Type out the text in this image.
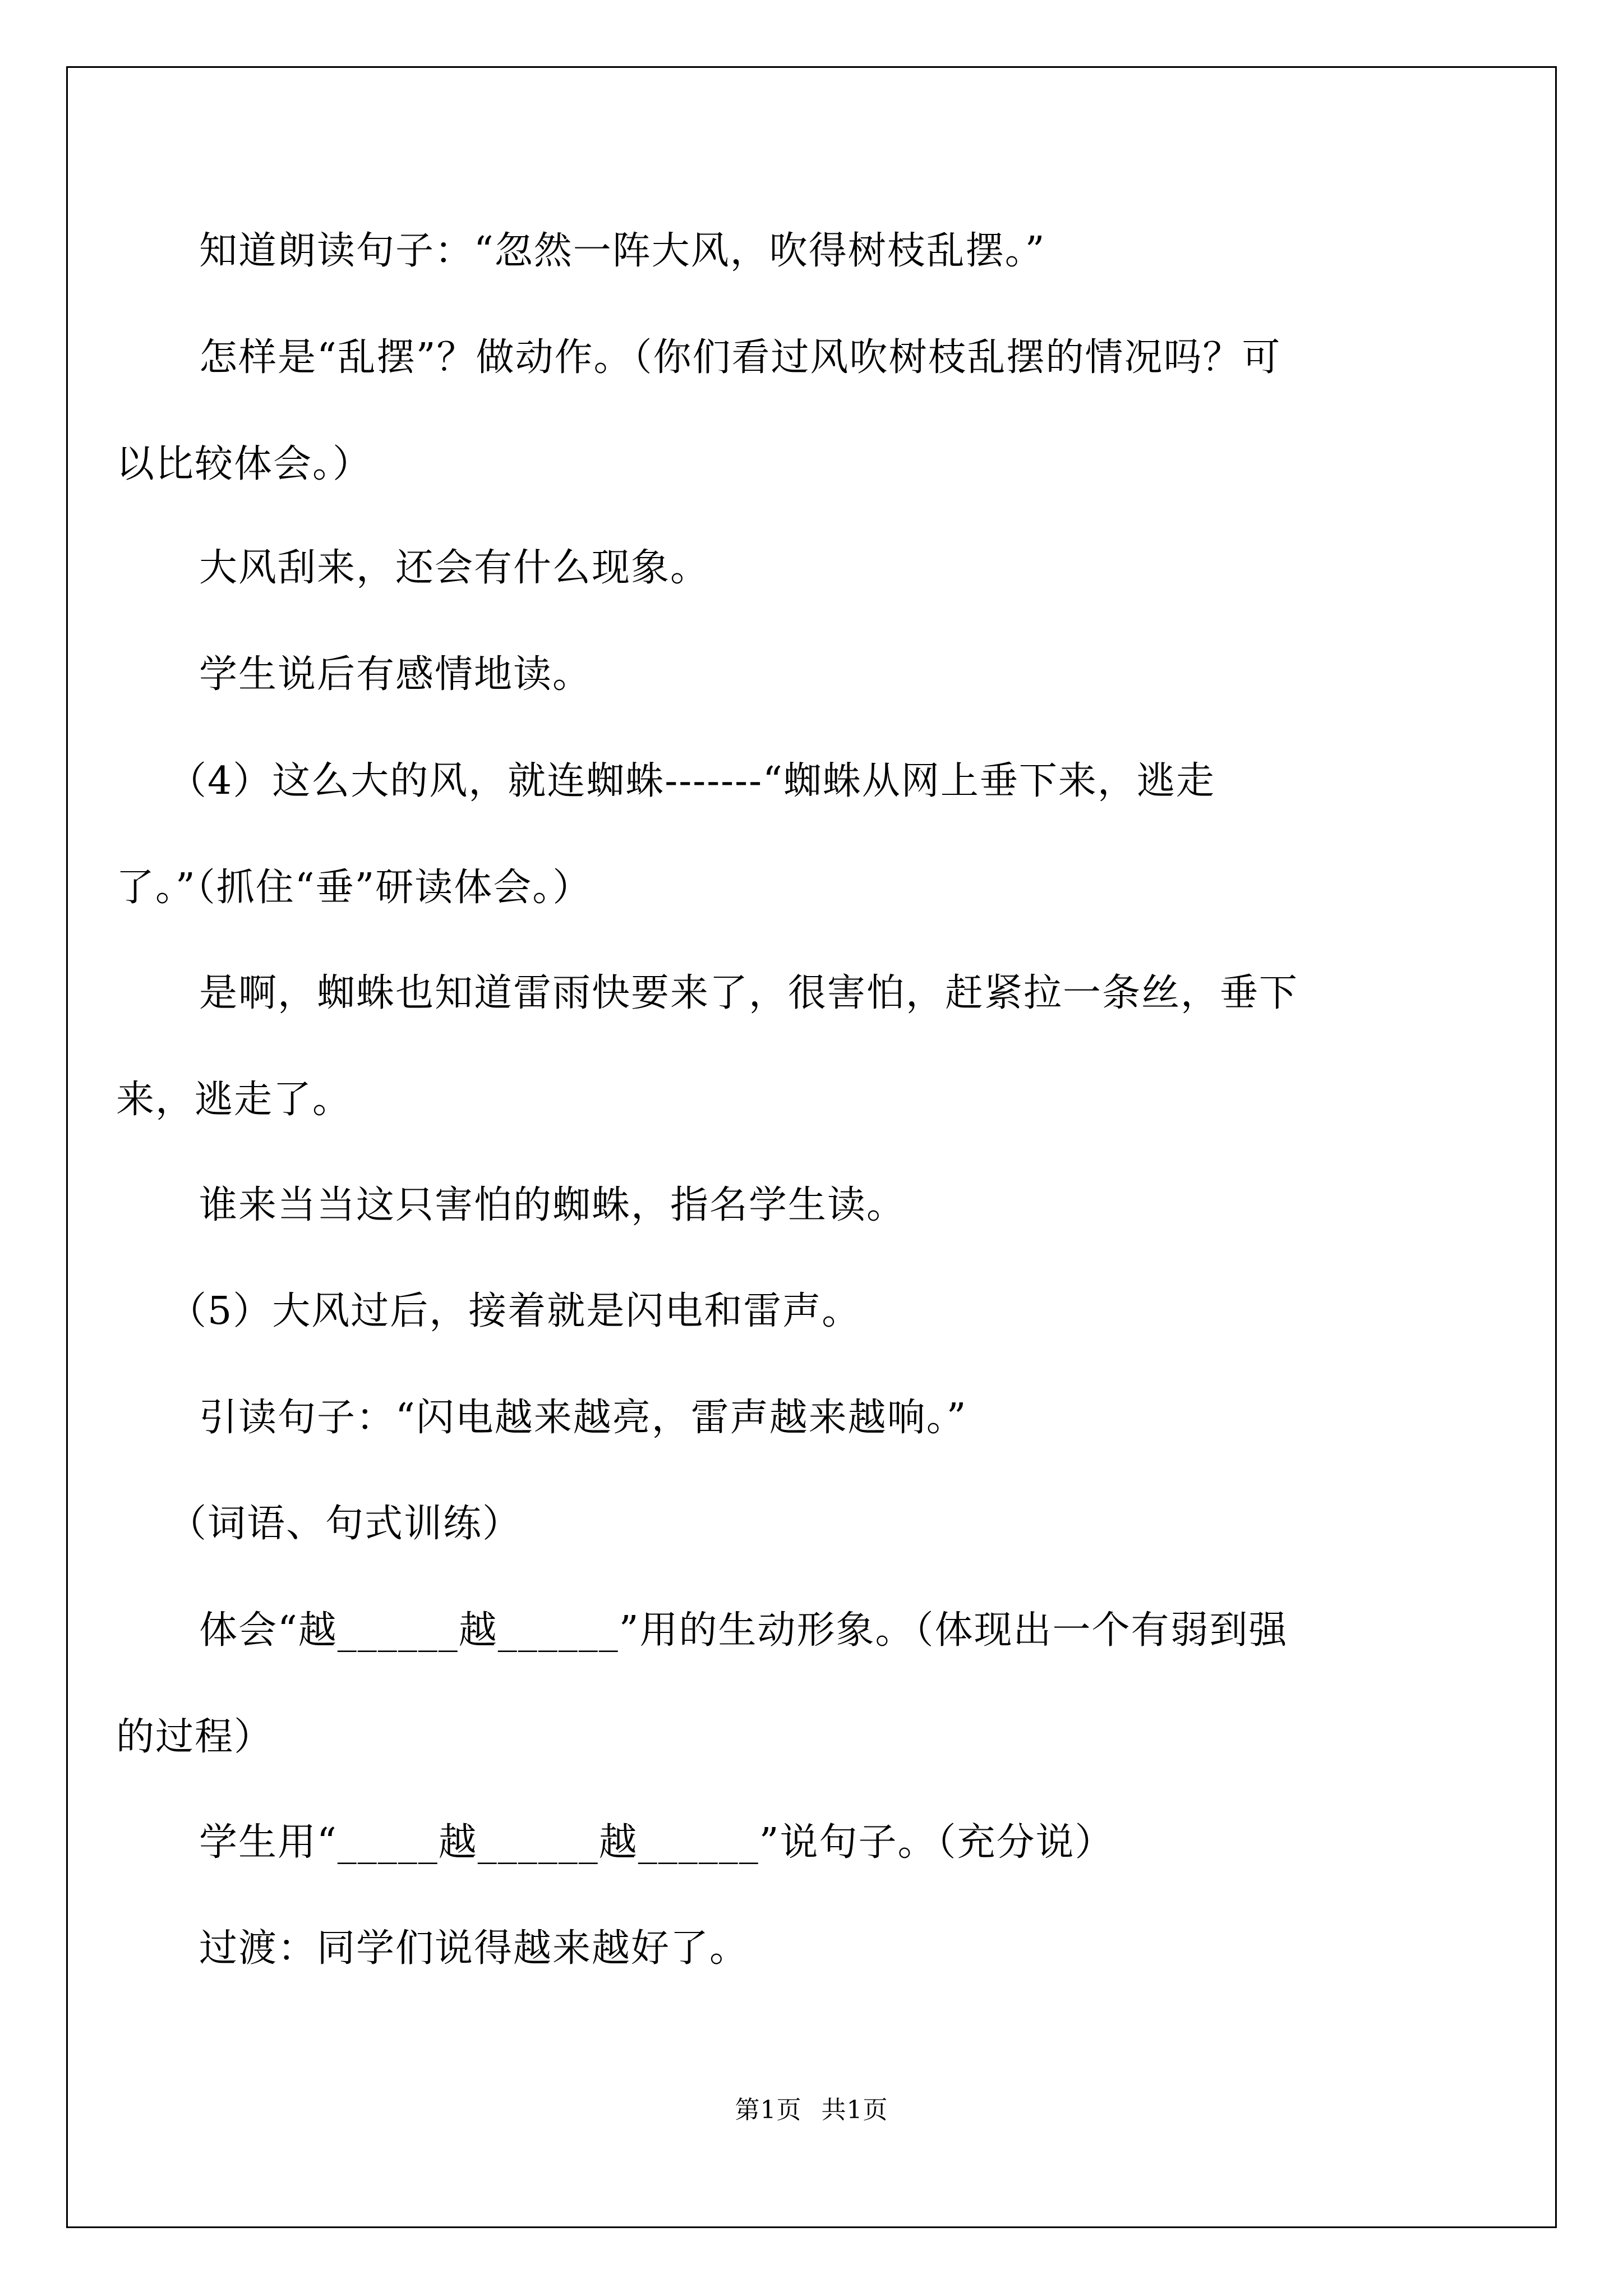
知道朗读句子：“忽然一阵大风，吹得树枝乱摆。”

怎样是“乱摆”？做动作。（你们看过风吹树枝乱摆的情况吗？可
以比较体会。）

大风刮来，还会有什么现象。

学生说后有感情地读。

（4）这么大的风，就连蜘蛛-------“蜘蛛从网上垂下来，逃走
了。”（抓住“垂”研读体会。）

是啊，蜘蛛也知道雷雨快要来了，很害怕，赶紧拉一条丝，垂下
来，逃走了。

谁来当当这只害怕的蜘蛛，指名学生读。

（5）大风过后，接着就是闪电和雷声。

引读句子：“闪电越来越亮，雷声越来越响。”

（词语、句式训练）

体会“越______越______”用的生动形象。（体现出一个有弱到强
的过程）

学生用“_____越______越______”说句子。（充分说）

过渡：同学们说得越来越好了。

第1页 共1页
